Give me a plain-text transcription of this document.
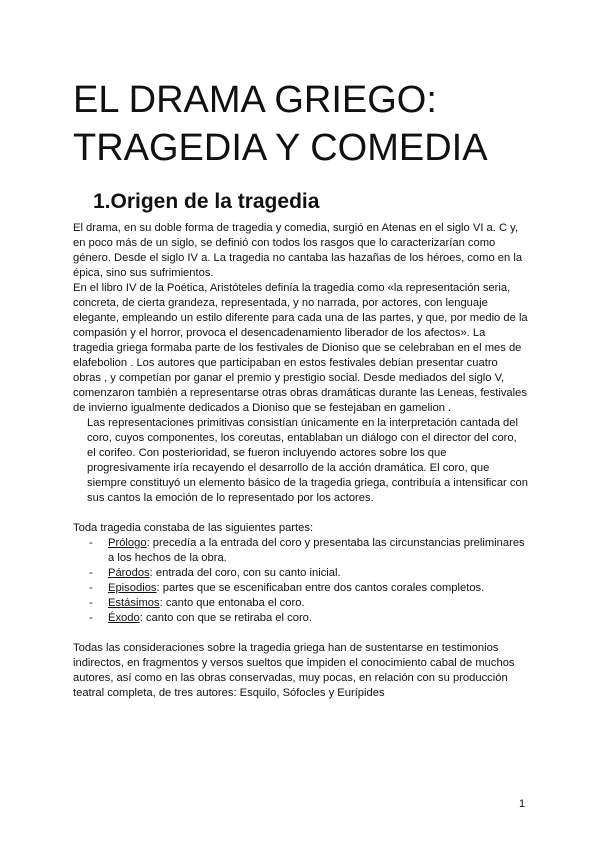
EL DRAMA GRIEGO:
TRAGEDIA Y COMEDIA
1.Origen de la tragedia

El drama, en su doble forma de tragedia y comedia, surgió en Atenas en el siglo VI a. C y, en poco más de un siglo, se definió con todos los rasgos que lo caracterizarían como género. Desde el siglo IV a. La tragedia no cantaba las hazañas de los héroes, como en la épica, sino sus sufrimientos.

En el libro IV de la Poética, Aristóteles definía la tragedia como «la representación seria, concreta, de cierta grandeza, representada, y no narrada, por actores, con lenguaje elegante, empleando un estilo diferente para cada una de las partes, y que, por medio de la compasión y el horror, provoca el desencadenamiento liberador de los afectos». La tragedia griega formaba parte de los festivales de Dioniso que se celebraban en el mes de elafebolion . Los autores que participaban en estos festivales debían presentar cuatro obras , y competían por ganar el premio y prestigio social. Desde mediados del siglo V, comenzaron también a representarse otras obras dramáticas durante las Leneas, festivales de invierno igualmente dedicados a Dioniso que se festejaban en gamelion .

Las representaciones primitivas consistían únicamente en la interpretación cantada del coro, cuyos componentes, los coreutas, entablaban un diálogo con el director del coro, el corifeo. Con posterioridad, se fueron incluyendo actores sobre los que progresivamente iría recayendo el desarrollo de la acción dramática. El coro, que siempre constituyó un elemento básico de la tragedia griega, contribuía a intensificar con sus cantos la emoción de lo representado por los actores.

Toda tragedia constaba de las siguientes partes:

- Prólogo: precedía a la entrada del coro y presentaba las circunstancias preliminares a los hechos de la obra.
- Párodos: entrada del coro, con su canto inicial.
- Episodios: partes que se escenificaban entre dos cantos corales completos.
- Estásimos: canto que entonaba el coro.
- Éxodo: canto con que se retiraba el coro.

Todas las consideraciones sobre la tragedia griega han de sustentarse en testimonios indirectos, en fragmentos y versos sueltos que impiden el conocimiento cabal de muchos autores, así como en las obras conservadas, muy pocas, en relación con su producción teatral completa, de tres autores: Esquilo, Sófocles y Eurípides

1
